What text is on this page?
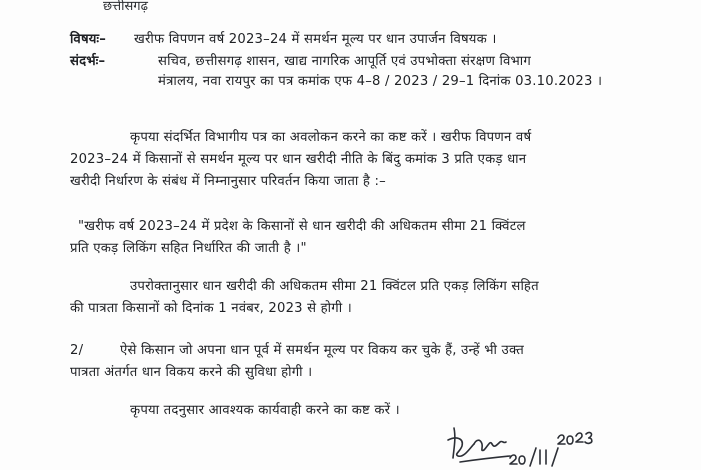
छत्तीसगढ़
विषयः– खरीफ विपणन वर्ष 2023–24 में समर्थन मूल्य पर धान उपार्जन विषयक ।
संदर्भः–	सचिव, छत्तीसगढ़ शासन, खाद्य नागरिक आपूर्ति एवं उपभोक्ता संरक्षण विभाग
मंत्रालय, नवा रायपुर का पत्र कमांक एफ 4–8 / 2023 / 29–1 दिनांक 03.10.2023 ।
कृपया संदर्भित विभागीय पत्र का अवलोकन करने का कष्ट करें । खरीफ विपणन वर्ष
2023–24 में किसानों से समर्थन मूल्य पर धान खरीदी नीति के बिंदु कमांक 3 प्रति एकड़ धान
खरीदी निर्धारण के संबंध में निम्नानुसार परिवर्तन किया जाता है :–
"खरीफ वर्ष 2023–24 में प्रदेश के किसानों से धान खरीदी की अधिकतम सीमा 21 क्विंटल
प्रति एकड़ लिकिंग सहित निर्धारित की जाती है ।"
उपरोक्तानुसार धान खरीदी की अधिकतम सीमा 21 क्विंटल प्रति एकड़ लिकिंग सहित
की पात्रता किसानों को दिनांक 1 नवंबर, 2023 से होगी ।
2/	ऐसे किसान जो अपना धान पूर्व में समर्थन मूल्य पर विकय कर चुके हैं, उन्हें भी उक्त
पात्रता अंतर्गत धान विकय करने की सुविधा होगी ।
कृपया तदनुसार आवश्यक कार्यवाही करने का कष्ट करें ।
